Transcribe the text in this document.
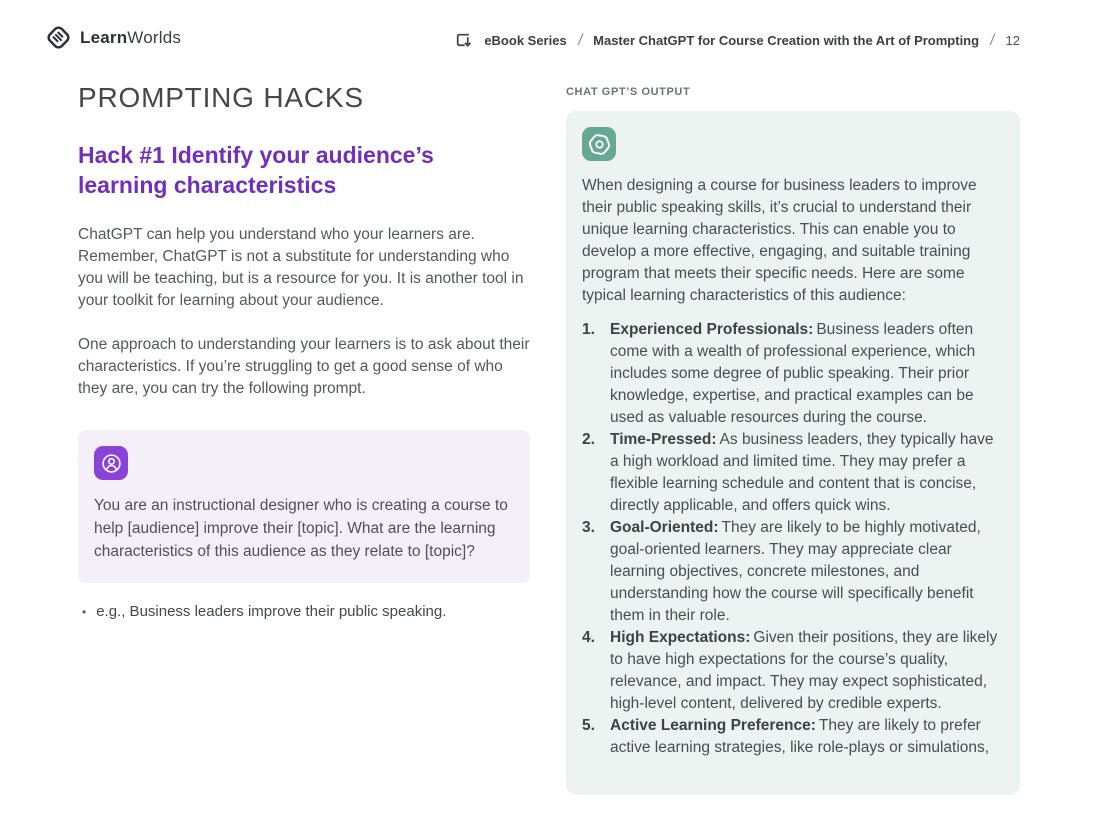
LearnWorlds	eBook Series / Master ChatGPT for Course Creation with the Art of Prompting / 12
PROMPTING HACKS
Hack #1 Identify your audience’s learning characteristics

ChatGPT can help you understand who your learners are. Remember, ChatGPT is not a substitute for understanding who you will be teaching, but is a resource for you. It is another tool in your toolkit for learning about your audience.

One approach to understanding your learners is to ask about their characteristics. If you’re struggling to get a good sense of who they are, you can try the following prompt.

You are an instructional designer who is creating a course to help [audience] improve their [topic]. What are the learning characteristics of this audience as they relate to [topic]?

• e.g., Business leaders improve their public speaking.
CHAT GPT’S OUTPUT

When designing a course for business leaders to improve their public speaking skills, it’s crucial to understand their unique learning characteristics. This can enable you to develop a more effective, engaging, and suitable training program that meets their specific needs. Here are some typical learning characteristics of this audience:

1. Experienced Professionals: Business leaders often come with a wealth of professional experience, which includes some degree of public speaking. Their prior knowledge, expertise, and practical examples can be used as valuable resources during the course.
2. Time-Pressed: As business leaders, they typically have a high workload and limited time. They may prefer a flexible learning schedule and content that is concise, directly applicable, and offers quick wins.
3. Goal-Oriented: They are likely to be highly motivated, goal-oriented learners. They may appreciate clear learning objectives, concrete milestones, and understanding how the course will specifically benefit them in their role.
4. High Expectations: Given their positions, they are likely to have high expectations for the course’s quality, relevance, and impact. They may expect sophisticated, high-level content, delivered by credible experts.
5. Active Learning Preference: They are likely to prefer active learning strategies, like role-plays or simulations,
